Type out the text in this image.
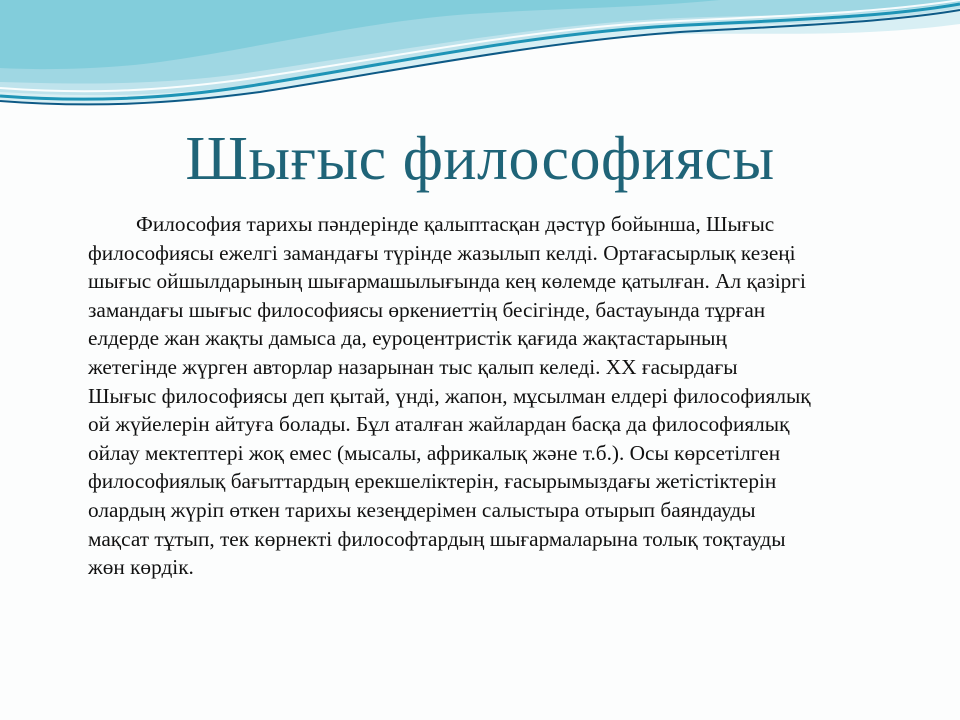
Шығыс философиясы

Философия тарихы пәндерінде қалыптасқан дәстүр бойынша, Шығыс
философиясы ежелгі замандағы түрінде жазылып келді. Ортағасырлық кезеңі
шығыс ойшылдарының шығармашылығында кең көлемде қатылған. Ал қазіргі
замандағы шығыс философиясы өркениеттің бесігінде, бастауында тұрған
елдерде жан жақты дамыса да, еуроцентристік қағида жақтастарының
жетегінде жүрген авторлар назарынан тыс қалып келеді. XX ғасырдағы
Шығыс философиясы деп қытай, үнді, жапон, мұсылман елдері философиялық
ой жүйелерін айтуға болады. Бұл аталған жайлардан басқа да философиялық
ойлау мектептері жоқ емес (мысалы, африкалық және т.б.). Осы көрсетілген
философиялық бағыттардың ерекшеліктерін, ғасырымыздағы жетістіктерін
олардың жүріп өткен тарихы кезеңдерімен салыстыра отырып баяндауды
мақсат тұтып, тек көрнекті философтардың шығармаларына толық тоқтауды
жөн көрдік.
